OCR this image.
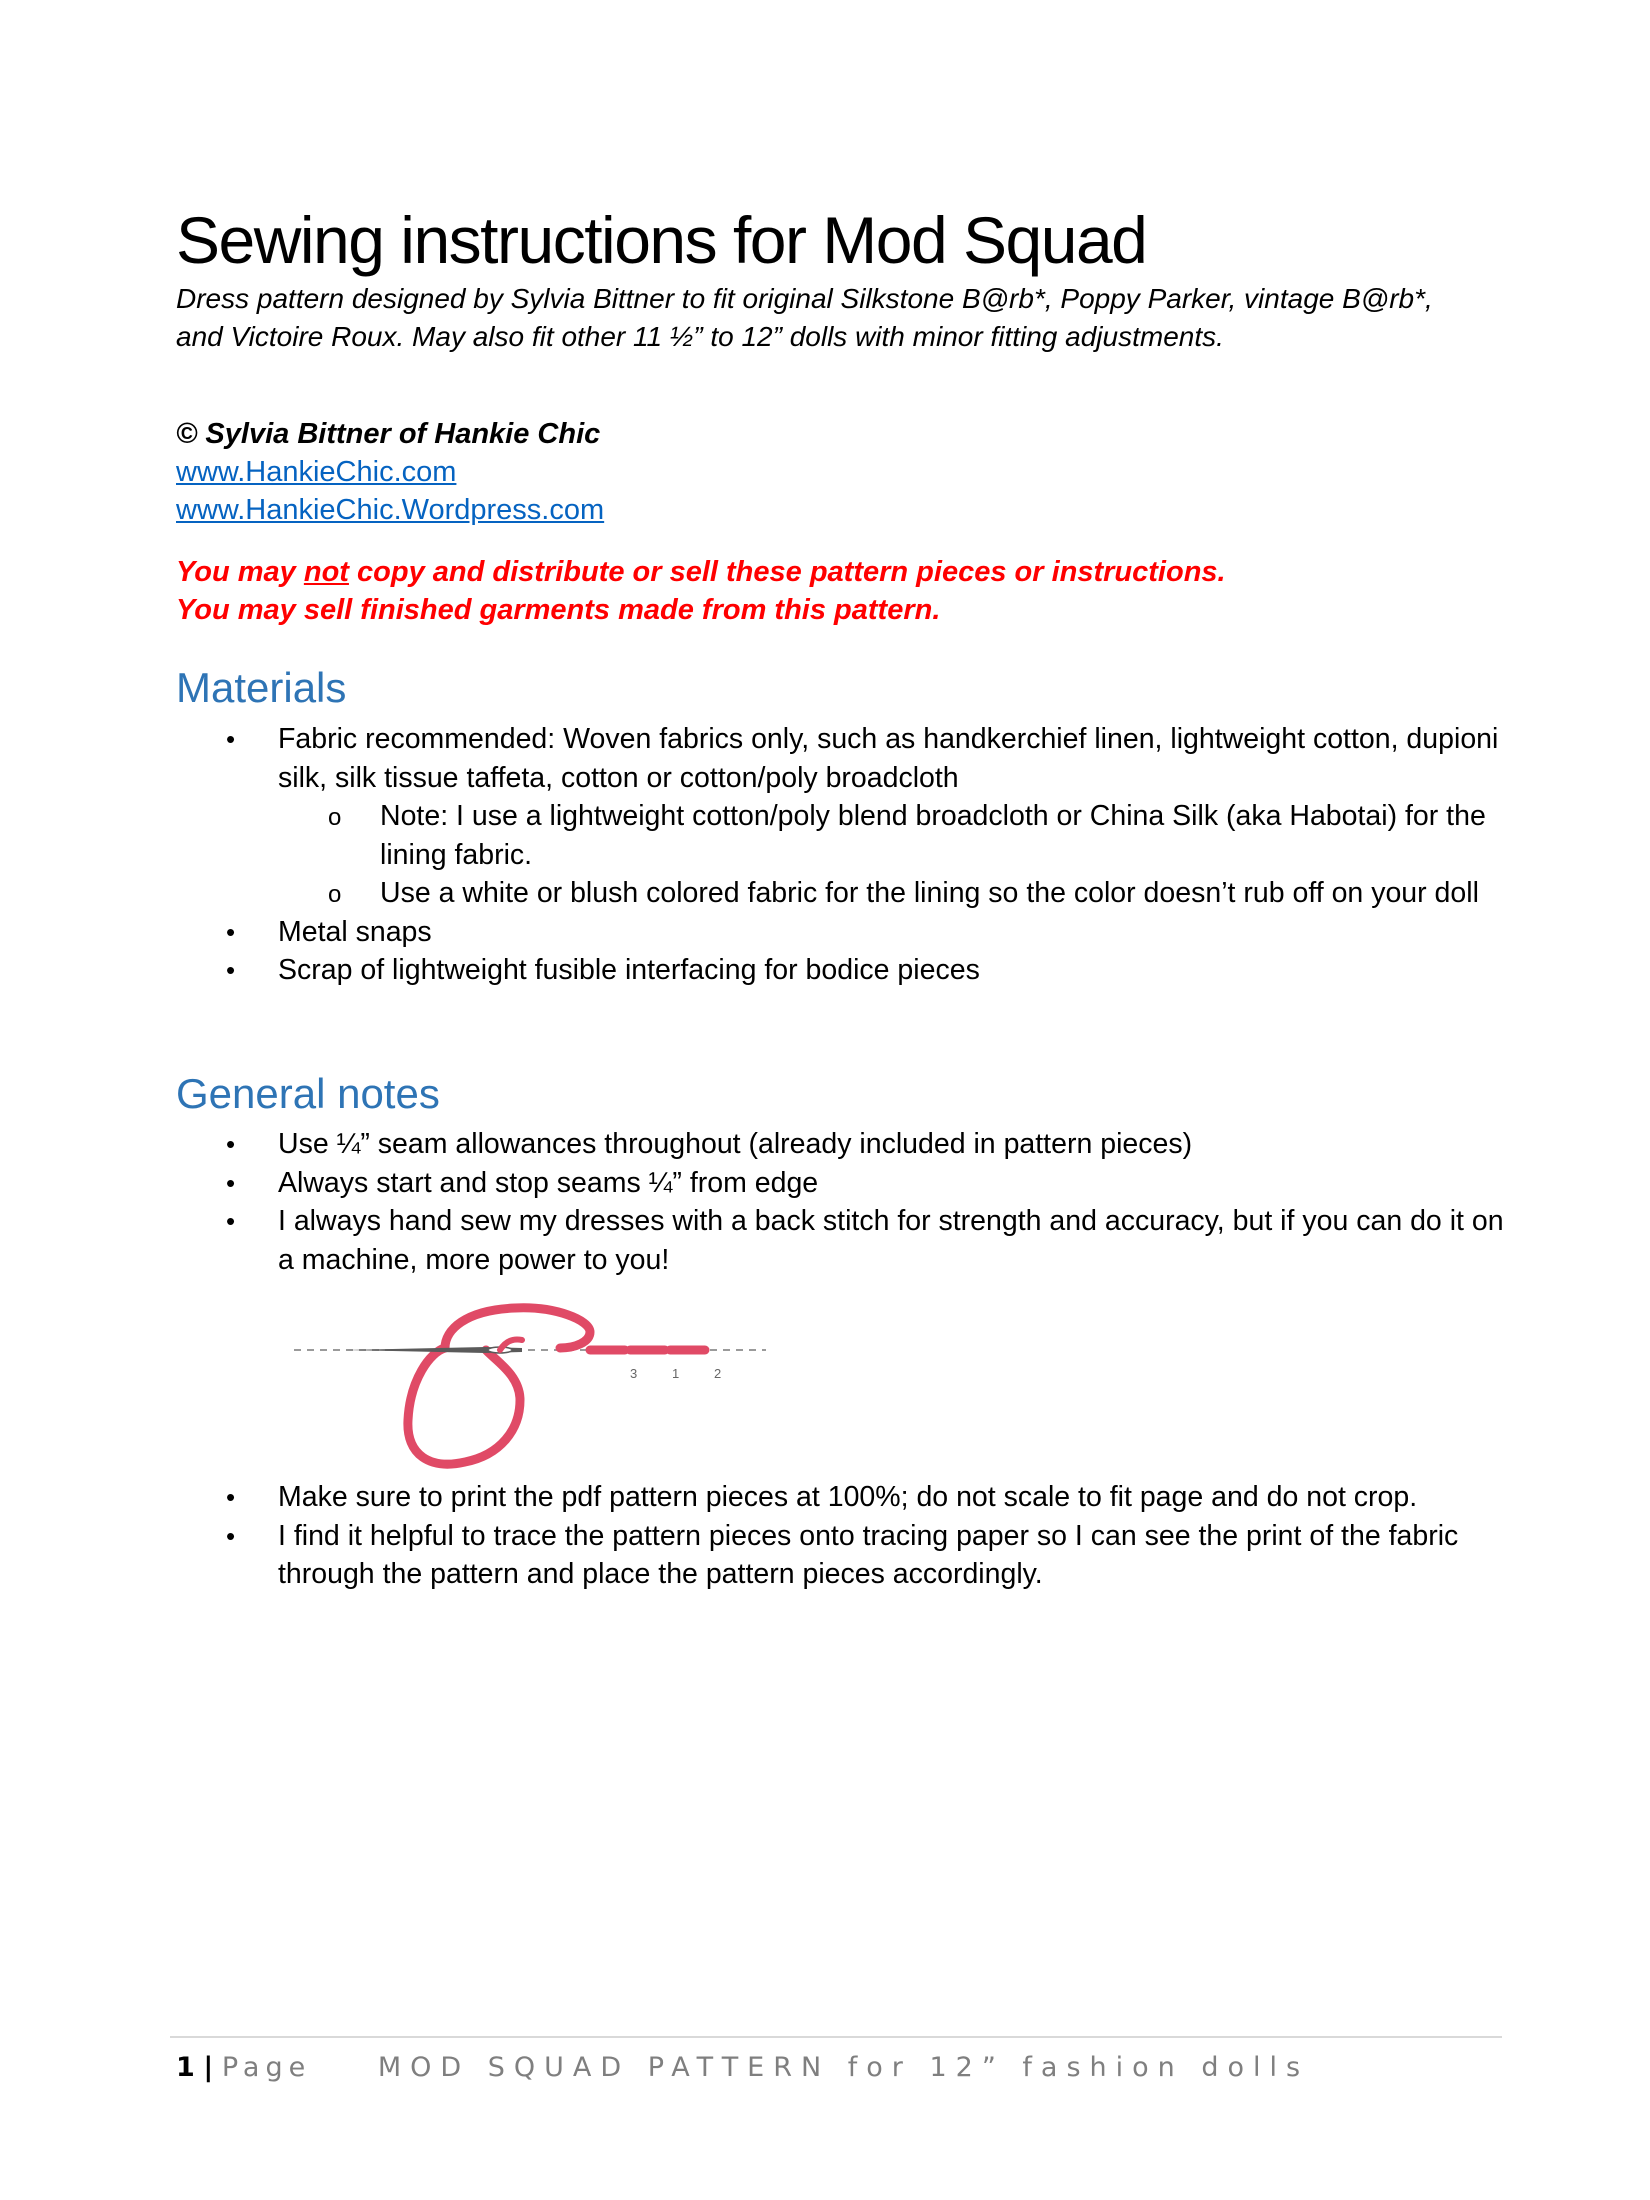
Sewing instructions for Mod Squad
Dress pattern designed by Sylvia Bittner to fit original Silkstone B@rb*, Poppy Parker, vintage B@rb*, and Victoire Roux. May also fit other 11 ½” to 12” dolls with minor fitting adjustments.
© Sylvia Bittner of Hankie Chic
www.HankieChic.com
www.HankieChic.Wordpress.com
You may not copy and distribute or sell these pattern pieces or instructions.
You may sell finished garments made from this pattern.
Materials
• Fabric recommended: Woven fabrics only, such as handkerchief linen, lightweight cotton, dupioni silk, silk tissue taffeta, cotton or cotton/poly broadcloth
o Note: I use a lightweight cotton/poly blend broadcloth or China Silk (aka Habotai) for the lining fabric.
o Use a white or blush colored fabric for the lining so the color doesn’t rub off on your doll
• Metal snaps
• Scrap of lightweight fusible interfacing for bodice pieces
General notes
• Use ¼” seam allowances throughout (already included in pattern pieces)
• Always start and stop seams ¼” from edge
• I always hand sew my dresses with a back stitch for strength and accuracy, but if you can do it on a machine, more power to you!
3	1	2
• Make sure to print the pdf pattern pieces at 100%; do not scale to fit page and do not crop.
• I find it helpful to trace the pattern pieces onto tracing paper so I can see the print of the fabric through the pattern and place the pattern pieces accordingly.
1 | Page MOD SQUAD PATTERN for 12” fashion dolls
